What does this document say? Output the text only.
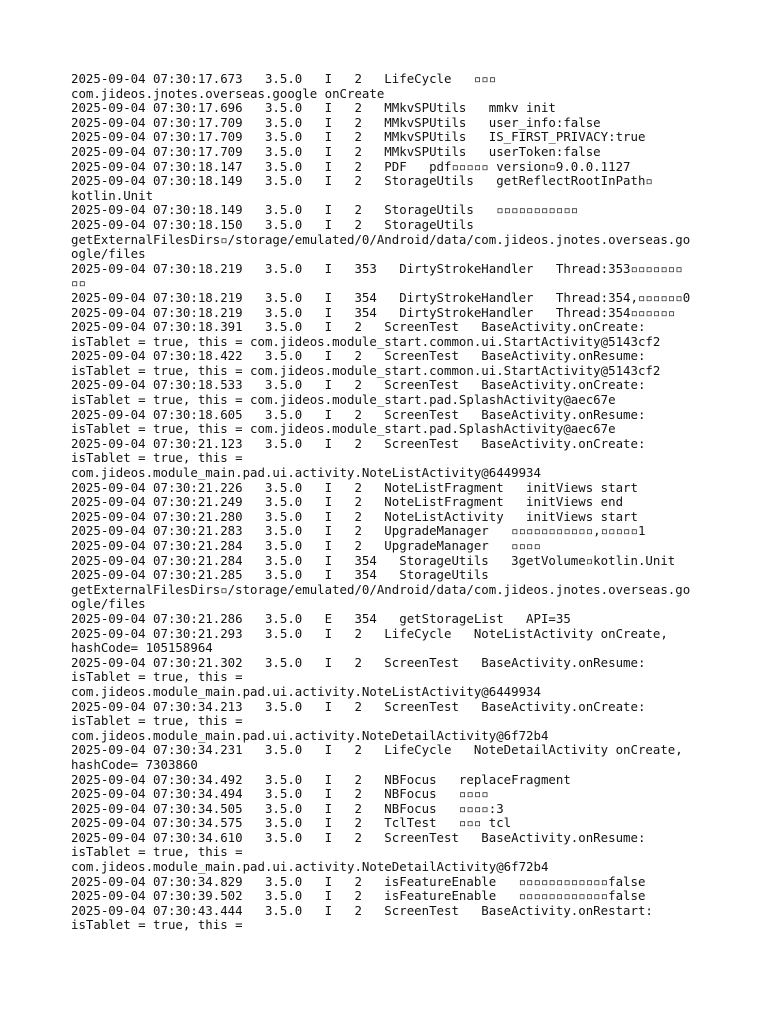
2025-09-04 07:30:17.673   3.5.0   I   2   LifeCycle   ▫▫▫
com.jideos.jnotes.overseas.google onCreate
2025-09-04 07:30:17.696   3.5.0   I   2   MMkvSPUtils   mmkv init
2025-09-04 07:30:17.709   3.5.0   I   2   MMkvSPUtils   user_info:false
2025-09-04 07:30:17.709   3.5.0   I   2   MMkvSPUtils   IS_FIRST_PRIVACY:true
2025-09-04 07:30:17.709   3.5.0   I   2   MMkvSPUtils   userToken:false
2025-09-04 07:30:18.147   3.5.0   I   2   PDF   pdf▫▫▫▫▫ version▫9.0.0.1127
2025-09-04 07:30:18.149   3.5.0   I   2   StorageUtils   getReflectRootInPath▫
kotlin.Unit
2025-09-04 07:30:18.149   3.5.0   I   2   StorageUtils   ▫▫▫▫▫▫▫▫▫▫▫
2025-09-04 07:30:18.150   3.5.0   I   2   StorageUtils
getExternalFilesDirs▫/storage/emulated/0/Android/data/com.jideos.jnotes.overseas.go
ogle/files
2025-09-04 07:30:18.219   3.5.0   I   353   DirtyStrokeHandler   Thread:353▫▫▫▫▫▫▫
▫▫
2025-09-04 07:30:18.219   3.5.0   I   354   DirtyStrokeHandler   Thread:354,▫▫▫▫▫▫0
2025-09-04 07:30:18.219   3.5.0   I   354   DirtyStrokeHandler   Thread:354▫▫▫▫▫▫
2025-09-04 07:30:18.391   3.5.0   I   2   ScreenTest   BaseActivity.onCreate:
isTablet = true, this = com.jideos.module_start.common.ui.StartActivity@5143cf2
2025-09-04 07:30:18.422   3.5.0   I   2   ScreenTest   BaseActivity.onResume:
isTablet = true, this = com.jideos.module_start.common.ui.StartActivity@5143cf2
2025-09-04 07:30:18.533   3.5.0   I   2   ScreenTest   BaseActivity.onCreate:
isTablet = true, this = com.jideos.module_start.pad.SplashActivity@aec67e
2025-09-04 07:30:18.605   3.5.0   I   2   ScreenTest   BaseActivity.onResume:
isTablet = true, this = com.jideos.module_start.pad.SplashActivity@aec67e
2025-09-04 07:30:21.123   3.5.0   I   2   ScreenTest   BaseActivity.onCreate:
isTablet = true, this =
com.jideos.module_main.pad.ui.activity.NoteListActivity@6449934
2025-09-04 07:30:21.226   3.5.0   I   2   NoteListFragment   initViews start
2025-09-04 07:30:21.249   3.5.0   I   2   NoteListFragment   initViews end
2025-09-04 07:30:21.280   3.5.0   I   2   NoteListActivity   initViews start
2025-09-04 07:30:21.283   3.5.0   I   2   UpgradeManager   ▫▫▫▫▫▫▫▫▫▫▫,▫▫▫▫▫1
2025-09-04 07:30:21.284   3.5.0   I   2   UpgradeManager   ▫▫▫▫
2025-09-04 07:30:21.284   3.5.0   I   354   StorageUtils   3getVolume▫kotlin.Unit
2025-09-04 07:30:21.285   3.5.0   I   354   StorageUtils
getExternalFilesDirs▫/storage/emulated/0/Android/data/com.jideos.jnotes.overseas.go
ogle/files
2025-09-04 07:30:21.286   3.5.0   E   354   getStorageList   API=35
2025-09-04 07:30:21.293   3.5.0   I   2   LifeCycle   NoteListActivity onCreate,
hashCode= 105158964
2025-09-04 07:30:21.302   3.5.0   I   2   ScreenTest   BaseActivity.onResume:
isTablet = true, this =
com.jideos.module_main.pad.ui.activity.NoteListActivity@6449934
2025-09-04 07:30:34.213   3.5.0   I   2   ScreenTest   BaseActivity.onCreate:
isTablet = true, this =
com.jideos.module_main.pad.ui.activity.NoteDetailActivity@6f72b4
2025-09-04 07:30:34.231   3.5.0   I   2   LifeCycle   NoteDetailActivity onCreate,
hashCode= 7303860
2025-09-04 07:30:34.492   3.5.0   I   2   NBFocus   replaceFragment
2025-09-04 07:30:34.494   3.5.0   I   2   NBFocus   ▫▫▫▫
2025-09-04 07:30:34.505   3.5.0   I   2   NBFocus   ▫▫▫▫:3
2025-09-04 07:30:34.575   3.5.0   I   2   TclTest   ▫▫▫ tcl
2025-09-04 07:30:34.610   3.5.0   I   2   ScreenTest   BaseActivity.onResume:
isTablet = true, this =
com.jideos.module_main.pad.ui.activity.NoteDetailActivity@6f72b4
2025-09-04 07:30:34.829   3.5.0   I   2   isFeatureEnable   ▫▫▫▫▫▫▫▫▫▫▫▫false
2025-09-04 07:30:39.502   3.5.0   I   2   isFeatureEnable   ▫▫▫▫▫▫▫▫▫▫▫▫false
2025-09-04 07:30:43.444   3.5.0   I   2   ScreenTest   BaseActivity.onRestart:
isTablet = true, this =
